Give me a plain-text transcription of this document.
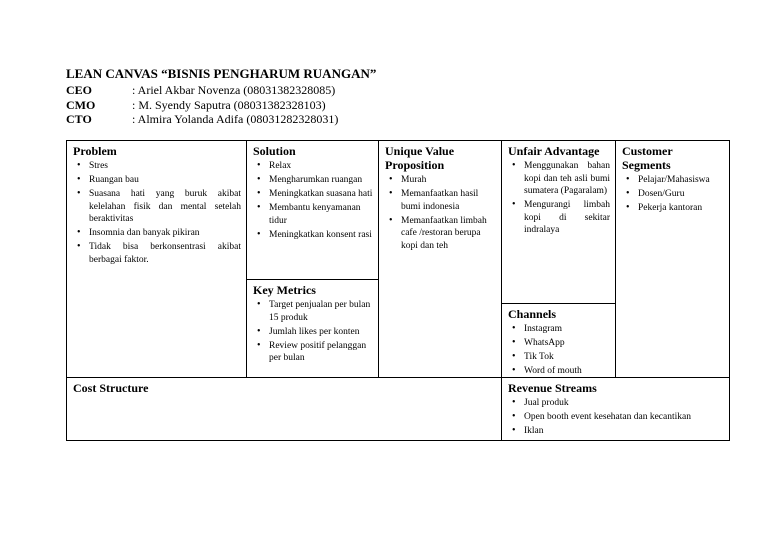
LEAN CANVAS “BISNIS PENGHARUM RUANGAN”
CEO	: Ariel Akbar Novenza (08031382328085)
CMO	: M. Syendy Saputra (08031382328103)
CTO	: Almira Yolanda Adifa (08031282328031)
Problem
• Stres
• Ruangan bau
• Suasana hati yang buruk akibat kelelahan fisik dan mental setelah beraktivitas
• Insomnia dan banyak pikiran
• Tidak bisa berkonsentrasi akibat berbagai faktor.
Solution
• Relax
• Mengharumkan ruangan
• Meningkatkan suasana hati
• Membantu kenyamanan tidur
• Meningkatkan konsent rasi
Key Metrics
• Target penjualan per bulan 15 produk
• Jumlah likes per konten
• Review positif pelanggan per bulan
Unique Value Proposition
• Murah
• Memanfaatkan hasil bumi indonesia
• Memanfaatkan limbah cafe /restoran berupa kopi dan teh
Unfair Advantage
• Menggunakan bahan kopi dan teh asli bumi sumatera (Pagaralam)
• Mengurangi limbah kopi di sekitar indralaya
Channels
• Instagram
• WhatsApp
• Tik Tok
• Word of mouth
Customer Segments
• Pelajar/Mahasiswa
• Dosen/Guru
• Pekerja kantoran
Cost Structure	Revenue Streams
• Jual produk
• Open booth event kesehatan dan kecantikan
• Iklan
